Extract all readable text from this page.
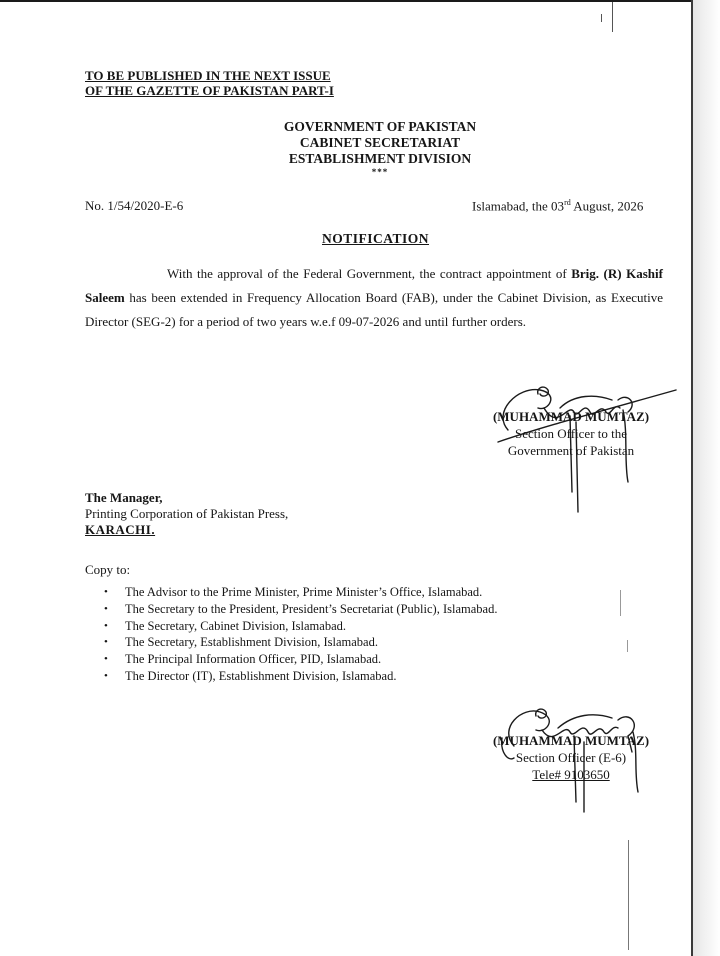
TO BE PUBLISHED IN THE NEXT ISSUE
OF THE GAZETTE OF PAKISTAN PART-I
GOVERNMENT OF PAKISTAN
CABINET SECRETARIAT
ESTABLISHMENT DIVISION
***
No. 1/54/2020-E-6	Islamabad, the 03rd August, 2026
NOTIFICATION
With the approval of the Federal Government, the contract appointment of Brig. (R) Kashif Saleem has been extended in Frequency Allocation Board (FAB), under the Cabinet Division, as Executive Director (SEG-2) for a period of two years w.e.f 09-07-2026 and until further orders.
(MUHAMMAD MUMTAZ)
Section Officer to the
Government of Pakistan
The Manager,
Printing Corporation of Pakistan Press,
KARACHI.
Copy to:
• The Advisor to the Prime Minister, Prime Minister’s Office, Islamabad.
• The Secretary to the President, President’s Secretariat (Public), Islamabad.
• The Secretary, Cabinet Division, Islamabad.
• The Secretary, Establishment Division, Islamabad.
• The Principal Information Officer, PID, Islamabad.
• The Director (IT), Establishment Division, Islamabad.
(MUHAMMAD MUMTAZ)
Section Officer (E-6)
Tele# 9103650
